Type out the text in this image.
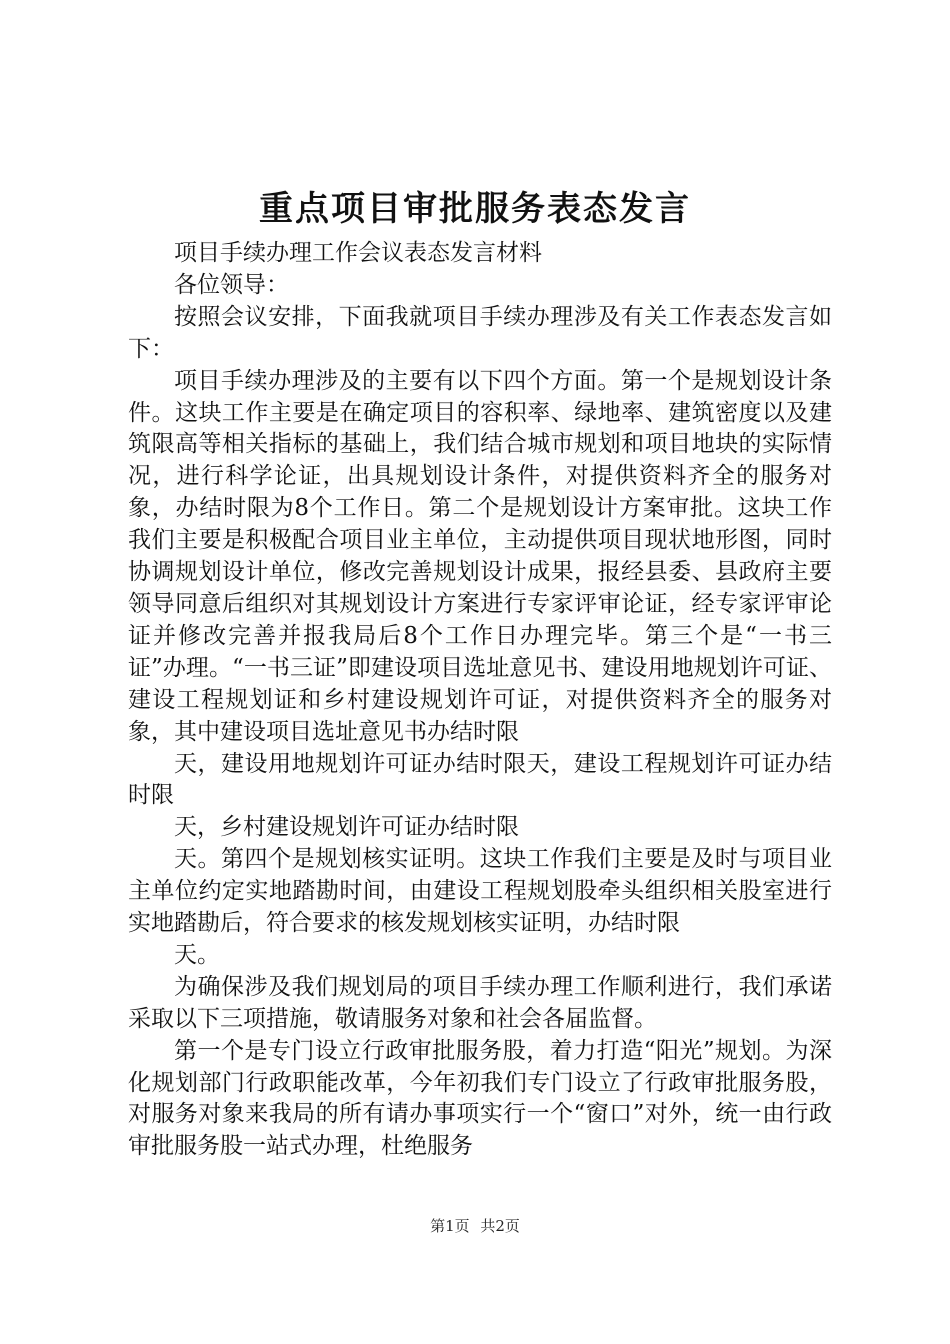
重点项目审批服务表态发言

项目手续办理工作会议表态发言材料

各位领导：

按照会议安排，下面我就项目手续办理涉及有关工作表态发言如下：

项目手续办理涉及的主要有以下四个方面。第一个是规划设计条件。这块工作主要是在确定项目的容积率、绿地率、建筑密度以及建筑限高等相关指标的基础上，我们结合城市规划和项目地块的实际情况，进行科学论证，出具规划设计条件，对提供资料齐全的服务对象，办结时限为8个工作日。第二个是规划设计方案审批。这块工作我们主要是积极配合项目业主单位，主动提供项目现状地形图，同时协调规划设计单位，修改完善规划设计成果，报经县委、县政府主要领导同意后组织对其规划设计方案进行专家评审论证，经专家评审论证并修改完善并报我局后8个工作日办理完毕。第三个是“一书三证”办理。“一书三证”即建设项目选址意见书、建设用地规划许可证、建设工程规划证和乡村建设规划许可证，对提供资料齐全的服务对象，其中建设项目选址意见书办结时限

天，建设用地规划许可证办结时限天，建设工程规划许可证办结时限

天，乡村建设规划许可证办结时限

天。第四个是规划核实证明。这块工作我们主要是及时与项目业主单位约定实地踏勘时间，由建设工程规划股牵头组织相关股室进行实地踏勘后，符合要求的核发规划核实证明，办结时限

天。

为确保涉及我们规划局的项目手续办理工作顺利进行，我们承诺采取以下三项措施，敬请服务对象和社会各届监督。

第一个是专门设立行政审批服务股，着力打造“阳光”规划。为深化规划部门行政职能改革，今年初我们专门设立了行政审批服务股，对服务对象来我局的所有请办事项实行一个“窗口”对外，统一由行政审批服务股一站式办理，杜绝服务

第1页 共2页
